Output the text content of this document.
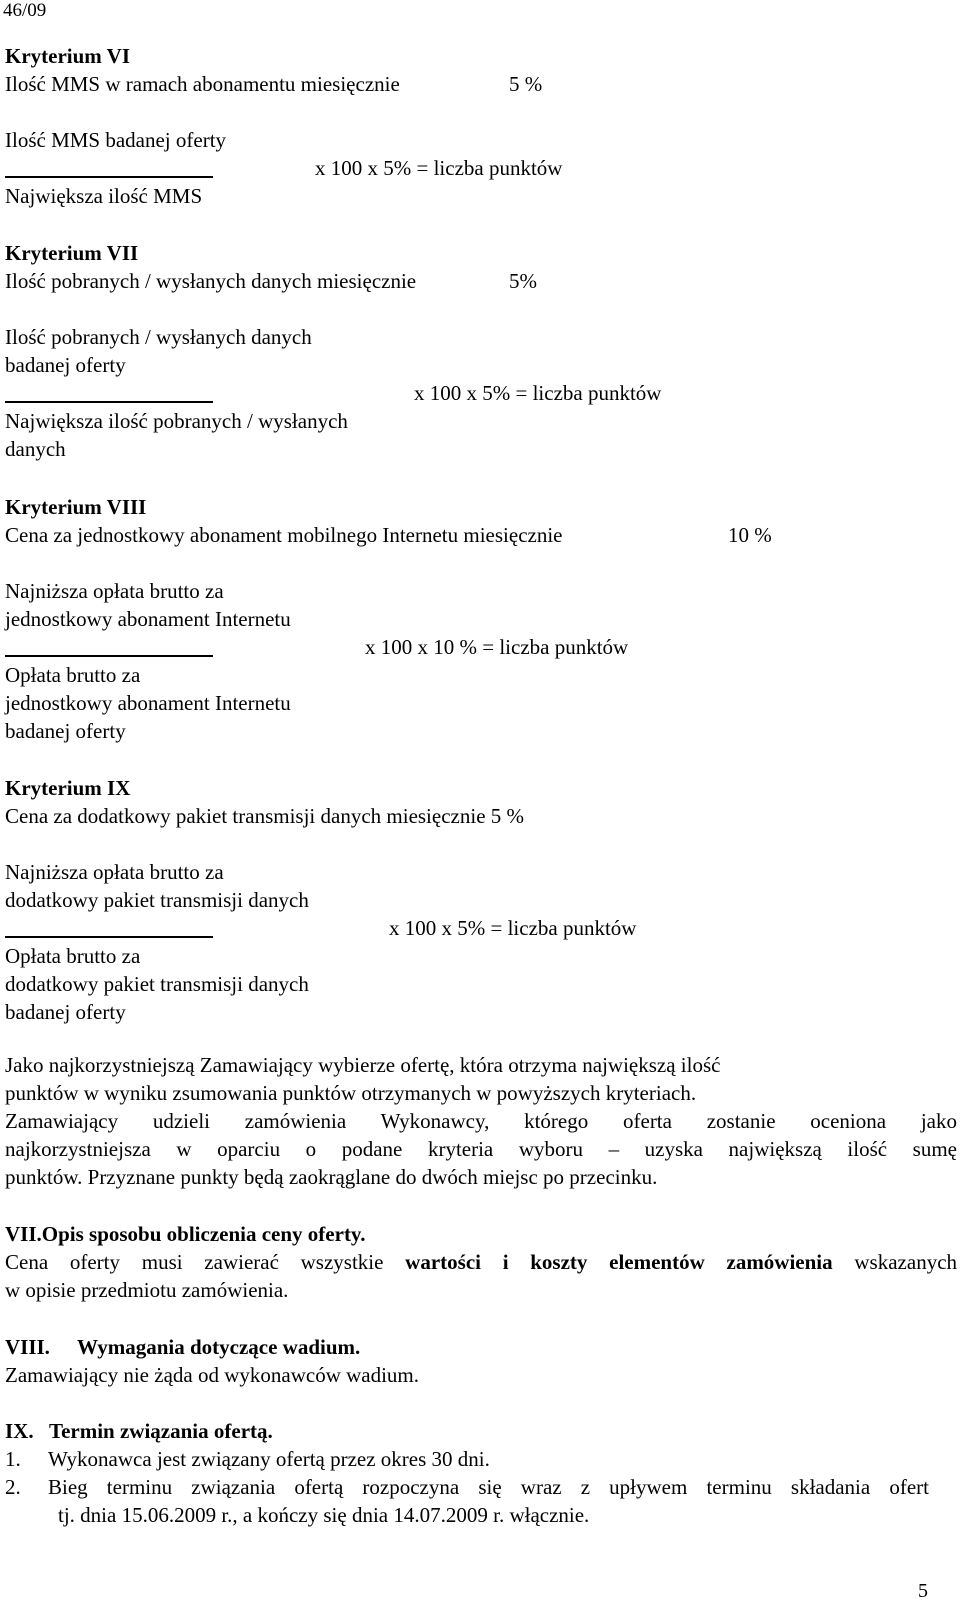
46/09
Kryterium VI
Ilość MMS w ramach abonamentu miesięcznie	5 %
Ilość MMS badanej oferty
x 100 x 5% = liczba punktów
Największa ilość MMS
Kryterium VII
Ilość pobranych / wysłanych danych miesięcznie	5%
Ilość pobranych / wysłanych danych
badanej oferty
x 100 x 5% = liczba punktów
Największa ilość pobranych / wysłanych
danych
Kryterium VIII
Cena za jednostkowy abonament mobilnego Internetu miesięcznie	10 %
Najniższa opłata brutto za
jednostkowy abonament Internetu
x 100 x 10 % = liczba punktów
Opłata brutto za
jednostkowy abonament Internetu
badanej oferty
Kryterium IX
Cena za dodatkowy pakiet transmisji danych miesięcznie 5 %
Najniższa opłata brutto za
dodatkowy pakiet transmisji danych
x 100 x 5% = liczba punktów
Opłata brutto za
dodatkowy pakiet transmisji danych
badanej oferty
Jako najkorzystniejszą Zamawiający wybierze ofertę, która otrzyma największą ilość
punktów w wyniku zsumowania punktów otrzymanych w powyższych kryteriach.
Zamawiający udzieli zamówienia Wykonawcy, którego oferta zostanie oceniona jako
najkorzystniejsza w oparciu o podane kryteria wyboru – uzyska największą ilość sumę
punktów. Przyznane punkty będą zaokrąglane do dwóch miejsc po przecinku.
VII.Opis sposobu obliczenia ceny oferty.
Cena oferty musi zawierać wszystkie wartości i koszty elementów zamówienia wskazanych
w opisie przedmiotu zamówienia.
VIII. Wymagania dotyczące wadium.
Zamawiający nie żąda od wykonawców wadium.
IX. Termin związania ofertą.
1. Wykonawca jest związany ofertą przez okres 30 dni.
2. Bieg terminu związania ofertą rozpoczyna się wraz z upływem terminu składania ofert
tj. dnia 15.06.2009 r., a kończy się dnia 14.07.2009 r. włącznie.
5
